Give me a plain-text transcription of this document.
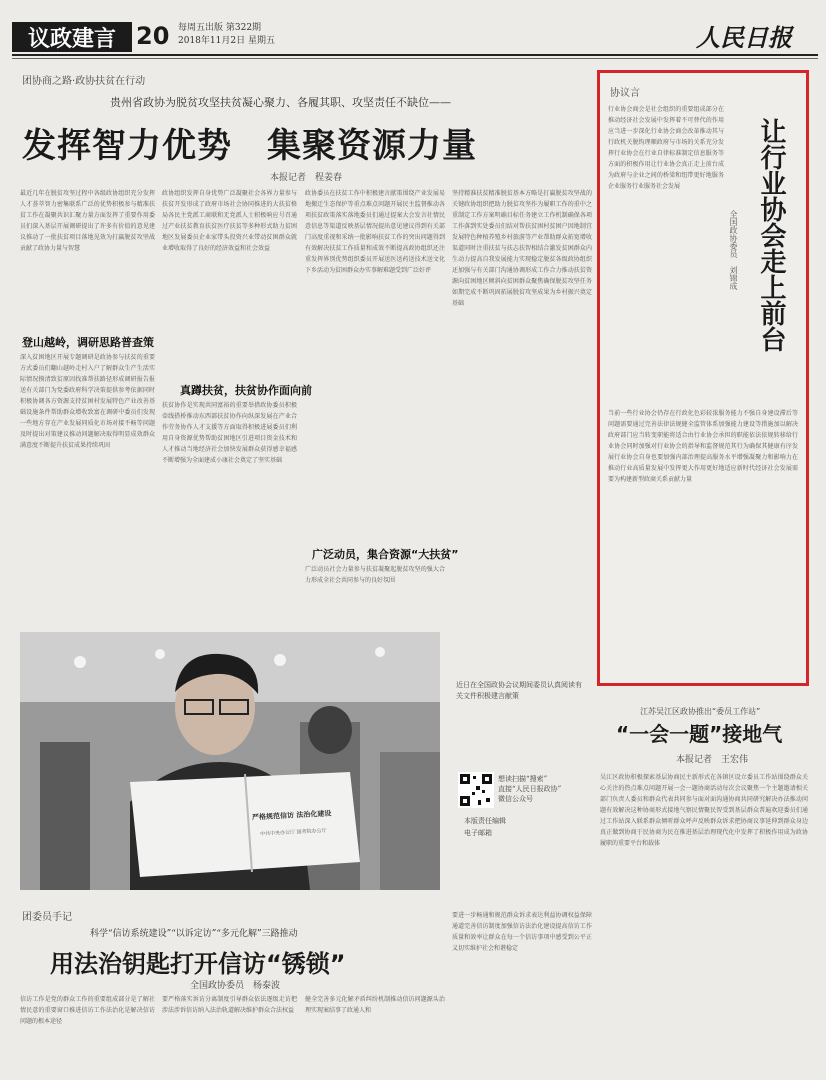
议政建言 20 每周五出版 第322期
2018年11月2日 星期五	人民日报
团协商之路·政协扶贫在行动
贵州省政协为脱贫攻坚扶贫凝心聚力、各履其职、攻坚责任不缺位——
发挥智力优势　集聚资源力量
本报记者　程姜春
最近几年在脱贫攻坚过程中各级政协组织充分发挥人才荟萃智力密集联系广泛的优势积极参与精准扶贫工作在凝聚共识汇聚力量方面发挥了重要作用委员们深入基层开展调研提出了许多有价值的意见建议推动了一批扶贫项目落地见效为打赢脱贫攻坚战贡献了政协力量与智慧
登山越岭，调研思路普查策
深入贫困地区开展专题调研是政协参与扶贫的重要方式委员们翻山越岭走村入户了解群众生产生活实际情况摸清致贫原因找准帮扶路径形成调研报告报送有关部门为党委政府科学决策提供参考依据同时积极协调各方资源支持贫困村发展特色产业改善基础设施条件帮助群众增收致富在调研中委员们发现一些地方存在产业发展同质化市场对接不畅等问题及时提出对策建议推动问题解决取得明显成效群众满意度不断提升扶贫成果持续巩固
政协组织发挥自身优势广泛凝聚社会各界力量参与扶贫开发形成了政府市场社会协同推进的大扶贫格局各民主党派工商联和无党派人士积极响应号召通过产业扶贫教育扶贫医疗扶贫等多种形式助力贫困地区发展委员企业家带头投资兴业带动贫困群众就业增收取得了良好的经济效益和社会效益
真蹲扶贫，扶贫协作面向前
扶贫协作是实现共同富裕的重要举措政协委员积极牵线搭桥推动东西部扶贫协作向纵深发展在产业合作劳务协作人才支援等方面取得积极进展委员们利用自身资源优势帮助贫困地区引进项目资金技术和人才推动当地经济社会加快发展群众获得感幸福感不断增强为全面建成小康社会奠定了坚实基础
政协委员在扶贫工作中积极建言献策围绕产业发展易地搬迁生态保护等重点难点问题开展民主监督推动各项扶贫政策落实落地委员们通过提案大会发言社情民意信息等渠道反映基层情况提出意见建议得到有关部门高度重视和采纳一批影响扶贫工作的突出问题得到有效解决扶贫工作质量和成效不断提高政协组织还注重发挥界别优势组织委员开展送医送药送技术送文化下乡活动为贫困群众办实事解难题受到广泛好评
广泛动员，集合资源“大扶贫”
广泛动员社会力量参与扶贫凝聚起脱贫攻坚的强大合力形成全社会共同参与的良好氛围
坚持精准扶贫精准脱贫基本方略是打赢脱贫攻坚战的关键政协组织把助力脱贫攻坚作为履职工作的重中之重制定工作方案明确目标任务建立工作机制确保各项工作落到实处委员们结对帮扶贫困村贫困户因地制宜发展特色种植养殖乡村旅游等产业帮助群众拓宽增收渠道同时注重扶贫与扶志扶智相结合激发贫困群众内生动力提高自我发展能力实现稳定脱贫各级政协组织还加强与有关部门沟通协调形成工作合力推动扶贫资源向贫困地区倾斜向贫困群众聚焦确保脱贫攻坚任务如期完成不断巩固拓展脱贫攻坚成果为乡村振兴奠定基础
协议言
让行业协会走上前台
全国政协委员　刘锦成
行业协会商会是社会组织的重要组成部分在推动经济社会发展中发挥着不可替代的作用应当进一步深化行业协会商会改革推动其与行政机关脱钩理顺政府与市场的关系充分发挥行业协会在行业自律标准制定信息服务等方面的积极作用让行业协会真正走上前台成为政府与企业之间的桥梁和纽带更好地服务企业服务行业服务社会发展
当前一些行业协会仍存在行政化色彩较浓服务能力不强自身建设滞后等问题需要通过完善法律法规健全监管体系加强能力建设等措施加以解决政府部门应当转变职能将适合由行业协会承担的职能依法依规转移给行业协会同时加强对行业协会的指导和监督规范其行为确保其健康有序发展行业协会自身也要加强内部治理提高服务水平增强凝聚力和影响力在推动行业高质量发展中发挥更大作用更好地适应新时代经济社会发展需要为构建新型政商关系贡献力量
江苏吴江区政协推出“委员工作站”
“一会一题”接地气
本报记者　王宏伟
吴江区政协积极探索基层协商民主新形式在各镇区设立委员工作站围绕群众关心关注的热点难点问题开展一会一题协商活动每次会议聚焦一个主题邀请相关部门负责人委员和群众代表共同参与面对面沟通协商共同研究解决办法推动问题有效解决这种协商形式接地气察民情聚民智受到基层群众普遍欢迎委员们通过工作站深入联系群众倾听群众呼声反映群众诉求把协商议事延伸到群众身边真正做到协商于民协商为民在推进基层治理现代化中发挥了积极作用成为政协履职的重要平台和载体
严格规范信访 法治化建设
中共中央办公厅 国务院办公厅
近日在全国政协会议期间委员认真阅读有关文件积极建言献策
想读扫描“搜索”
直接“人民日报政协”
微信公众号
本版责任编辑
电子邮箱
团委员手记
科学“信访系统建设”“以诉定访”“多元化解”三路推动
用法治钥匙打开信访“锈锁”
全国政协委员　杨泰波
信访工作是党的群众工作的重要组成部分是了解社情民意的重要窗口推进信访工作法治化是解决信访问题的根本途径
要严格落实诉访分离制度引导群众依法逐级走访把涉法涉诉信访纳入法治轨道解决维护群众合法权益
健全完善多元化解矛盾纠纷机制推动信访问题源头治理实现案结事了政通人和
要进一步畅通和规范群众诉求表达利益协调权益保障通道完善信访制度加强信访法治化建设提高信访工作质量和效率让群众在每一个信访事项中感受到公平正义切实维护社会和谐稳定
